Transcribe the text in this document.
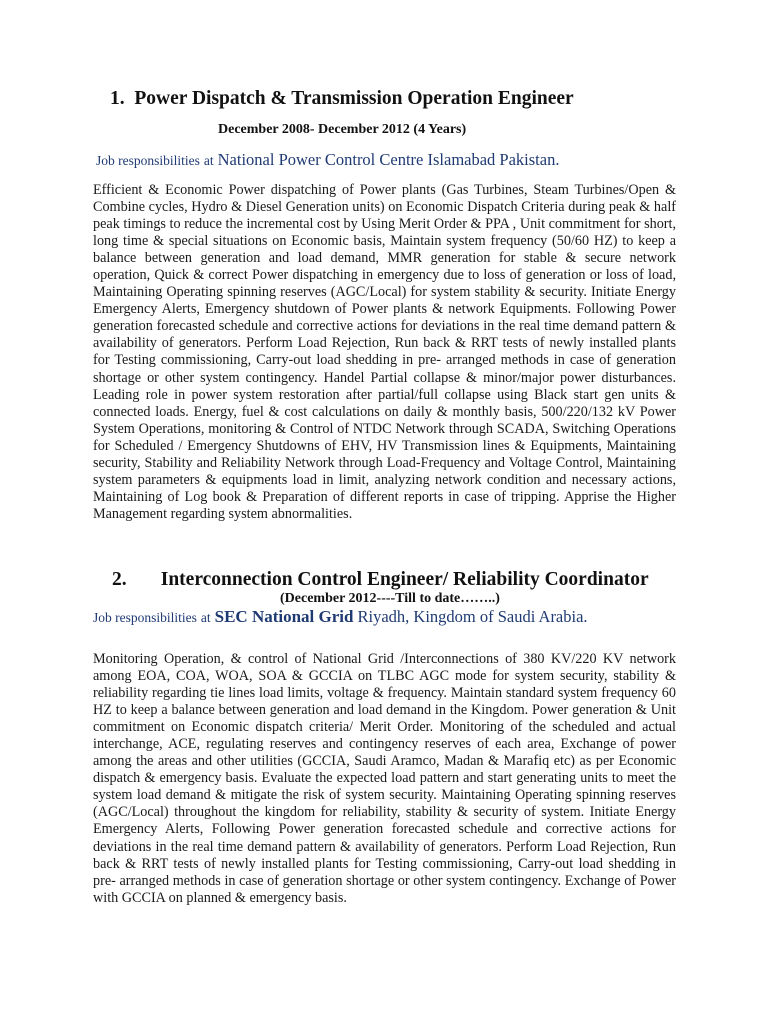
1. Power Dispatch & Transmission Operation Engineer
December 2008- December 2012 (4 Years)
Job responsibilities at National Power Control Centre Islamabad Pakistan.
Efficient & Economic Power dispatching of Power plants (Gas Turbines, Steam Turbines/Open & Combine cycles, Hydro & Diesel Generation units) on Economic Dispatch Criteria during peak & half peak timings to reduce the incremental cost by Using Merit Order & PPA , Unit commitment for short, long time & special situations on Economic basis, Maintain system frequency (50/60 HZ) to keep a balance between generation and load demand, MMR generation for stable & secure network operation, Quick & correct Power dispatching in emergency due to loss of generation or loss of load, Maintaining Operating spinning reserves (AGC/Local) for system stability & security. Initiate Energy Emergency Alerts, Emergency shutdown of Power plants & network Equipments. Following Power generation forecasted schedule and corrective actions for deviations in the real time demand pattern & availability of generators. Perform Load Rejection, Run back & RRT tests of newly installed plants for Testing commissioning, Carry-out load shedding in pre- arranged methods in case of generation shortage or other system contingency. Handel Partial collapse & minor/major power disturbances. Leading role in power system restoration after partial/full collapse using Black start gen units & connected loads. Energy, fuel & cost calculations on daily & monthly basis, 500/220/132 kV Power System Operations, monitoring & Control of NTDC Network through SCADA, Switching Operations for Scheduled / Emergency Shutdowns of EHV, HV Transmission lines & Equipments, Maintaining security, Stability and Reliability Network through Load-Frequency and Voltage Control, Maintaining system parameters & equipments load in limit, analyzing network condition and necessary actions, Maintaining of Log book & Preparation of different reports in case of tripping. Apprise the Higher Management regarding system abnormalities.
2. Interconnection Control Engineer/ Reliability Coordinator
(December 2012----Till to date……..)
Job responsibilities at SEC National Grid Riyadh, Kingdom of Saudi Arabia.
Monitoring Operation, & control of National Grid /Interconnections of 380 KV/220 KV network among EOA, COA, WOA, SOA & GCCIA on TLBC AGC mode for system security, stability & reliability regarding tie lines load limits, voltage & frequency. Maintain standard system frequency 60 HZ to keep a balance between generation and load demand in the Kingdom. Power generation & Unit commitment on Economic dispatch criteria/ Merit Order. Monitoring of the scheduled and actual interchange, ACE, regulating reserves and contingency reserves of each area, Exchange of power among the areas and other utilities (GCCIA, Saudi Aramco, Madan & Marafiq etc) as per Economic dispatch & emergency basis. Evaluate the expected load pattern and start generating units to meet the system load demand & mitigate the risk of system security. Maintaining Operating spinning reserves (AGC/Local) throughout the kingdom for reliability, stability & security of system. Initiate Energy Emergency Alerts, Following Power generation forecasted schedule and corrective actions for deviations in the real time demand pattern & availability of generators. Perform Load Rejection, Run back & RRT tests of newly installed plants for Testing commissioning, Carry-out load shedding in pre- arranged methods in case of generation shortage or other system contingency. Exchange of Power with GCCIA on planned & emergency basis.
